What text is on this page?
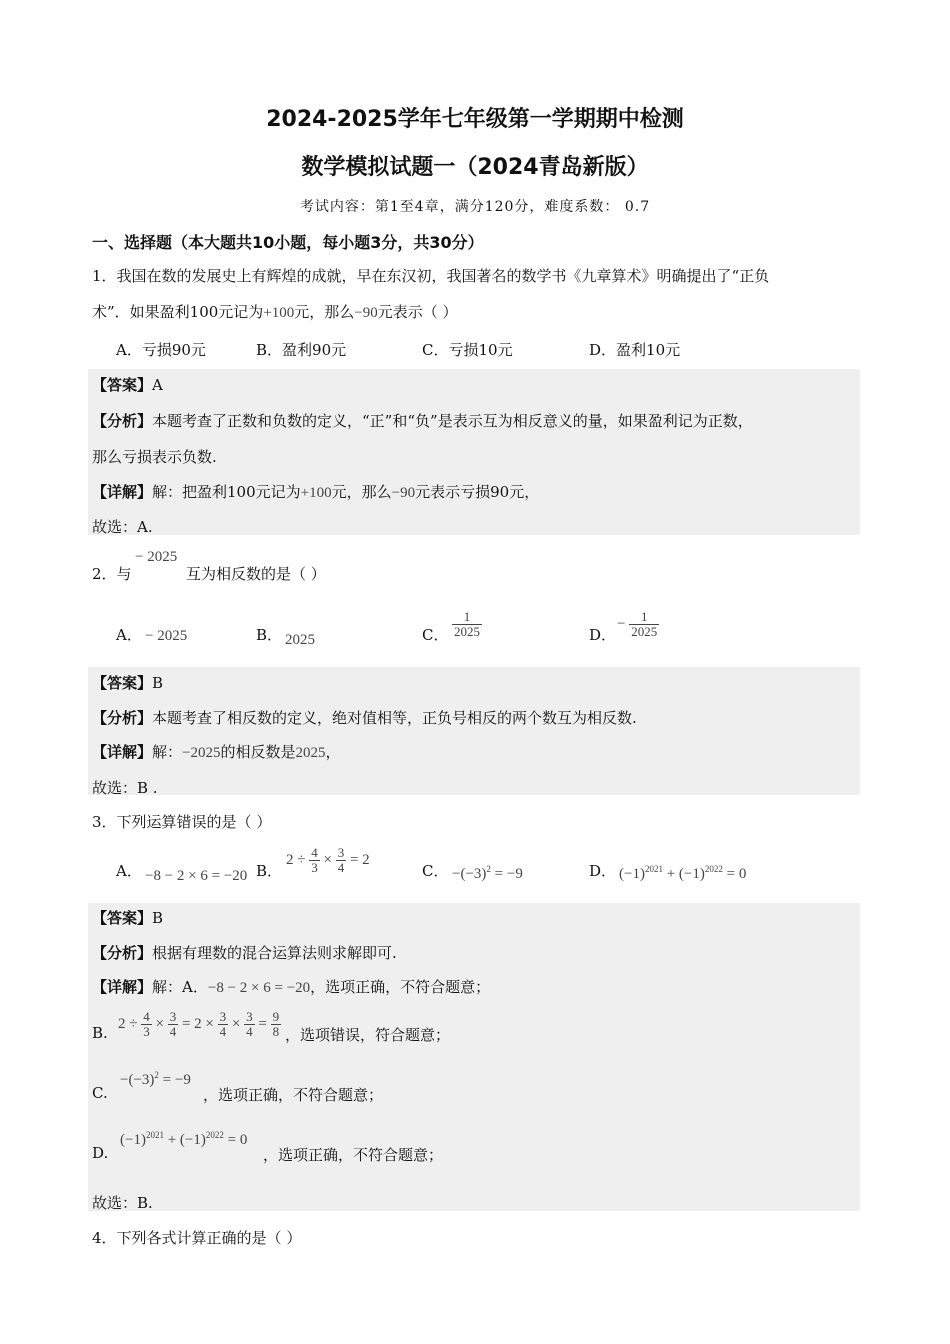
2024-2025学年七年级第一学期期中检测
数学模拟试题一（2024青岛新版）
考试内容：第1至4章，满分120分，难度系数： 0.7
一、选择题（本大题共10小题，每小题3分，共30分）
1．我国在数的发展史上有辉煌的成就，早在东汉初，我国著名的数学书《九章算术》明确提出了“正负
术”．如果盈利100元记为+100元，那么−90元表示（ ）
A．亏损90元	B．盈利90元	C．亏损10元	D．盈利10元
【答案】A
【分析】本题考查了正数和负数的定义，“正”和“负”是表示互为相反意义的量，如果盈利记为正数，
那么亏损表示负数.
【详解】解：把盈利100元记为+100元，那么−90元表示亏损90元，
故选：A.
2．与
− 2025
互为相反数的是（ ）
A． − 2025	B． 2025	C． $\frac{1}{2025}$	D．
− $\frac{1}{2025}$
【答案】B
【分析】本题考查了相反数的定义，绝对值相等，正负号相反的两个数互为相反数.
【详解】解：−2025的相反数是2025，
故选：B .
3．下列运算错误的是（ ）
A． −8 − 2 × 6 = −20 B．
$2 \div \frac{4}{3} \times \frac{3}{4} = 2$
C． $-(-3)^2 = -9$	D． $(-1)^{2021} + (-1)^{2022} = 0$
【答案】B
【分析】根据有理数的混合运算法则求解即可.
【详解】解：A．−8 − 2 × 6 = −20，选项正确，不符合题意；
B.
$2 \div \frac{4}{3} \times \frac{3}{4} = 2 \times \frac{3}{4} \times \frac{3}{4} = \frac{9}{8}$ ，选项错误，符合题意；
C.
$-(-3)^2 = -9$
，选项正确，不符合题意；
D.
$(-1)^{2021} + (-1)^{2022} = 0$
，选项正确，不符合题意；
故选：B.
4．下列各式计算正确的是（ ）
